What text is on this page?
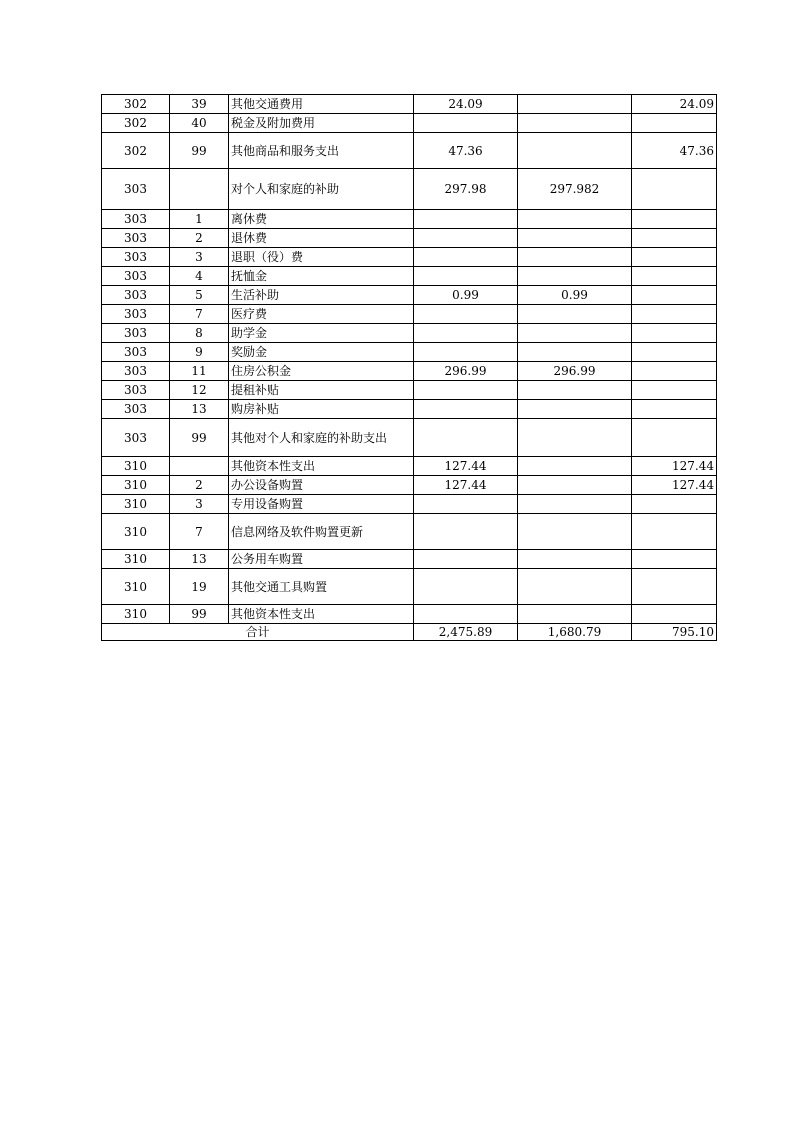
302	39	其他交通费用	24.09		24.09
302	40	税金及附加费用			
302	99	其他商品和服务支出	47.36		47.36
303		对个人和家庭的补助	297.98	297.982	
303	1	离休费			
303	2	退休费			
303	3	退职（役）费			
303	4	抚恤金			
303	5	生活补助	0.99	0.99	
303	7	医疗费			
303	8	助学金			
303	9	奖励金			
303	11	住房公积金	296.99	296.99	
303	12	提租补贴			
303	13	购房补贴			
303	99	其他对个人和家庭的补助支出			
310		其他资本性支出	127.44		127.44
310	2	办公设备购置	127.44		127.44
310	3	专用设备购置			
310	7	信息网络及软件购置更新			
310	13	公务用车购置			
310	19	其他交通工具购置			
310	99	其他资本性支出			
合计			2,475.89	1,680.79	795.10
